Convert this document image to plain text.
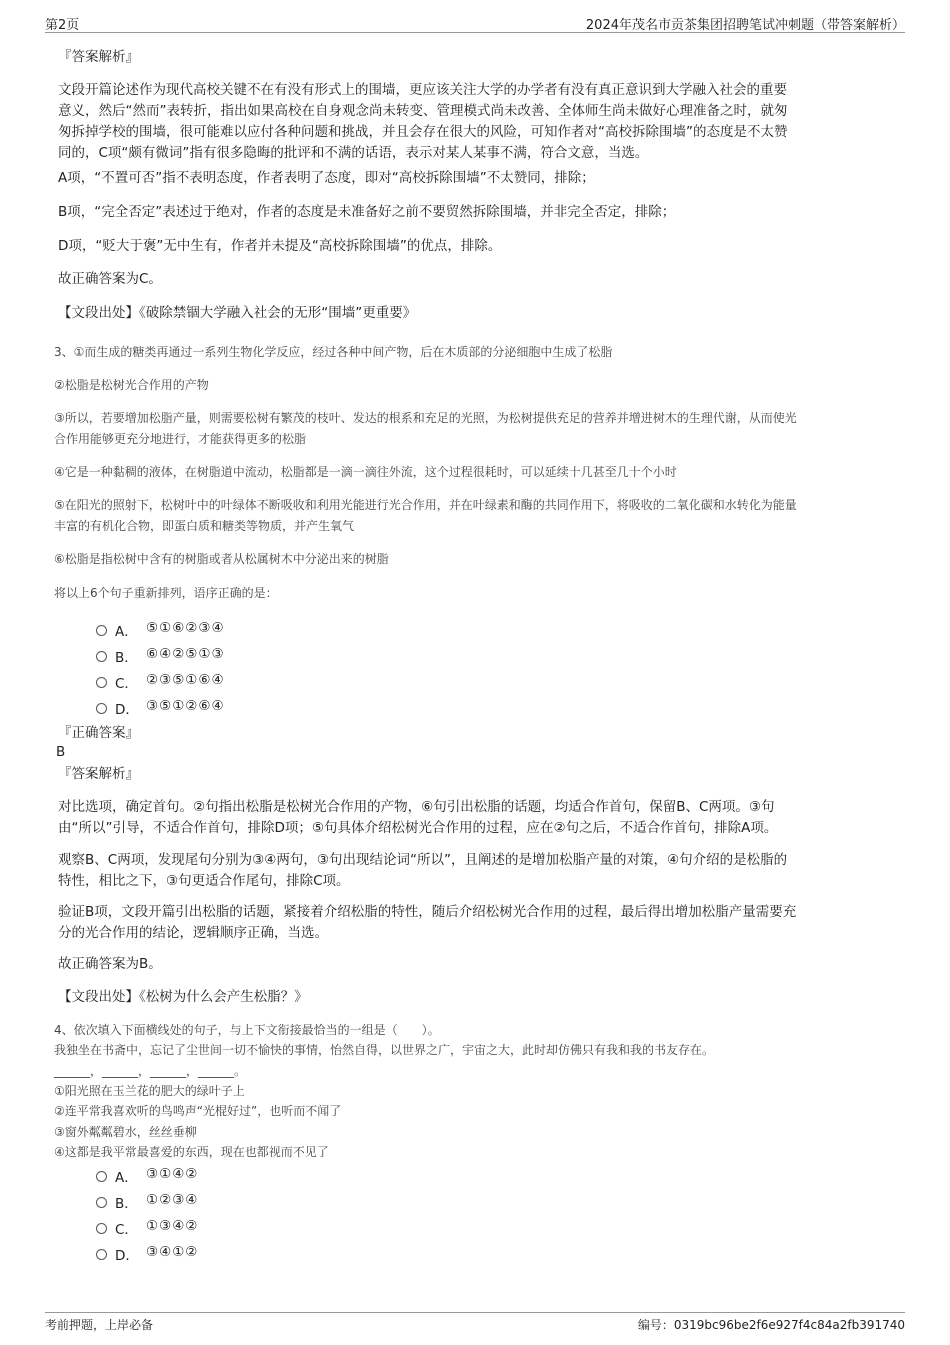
第2页	2024年茂名市贡茶集团招聘笔试冲刺题（带答案解析）
『答案解析』
文段开篇论述作为现代高校关键不在有没有形式上的围墙，更应该关注大学的办学者有没有真正意识到大学融入社会的重要
意义，然后“然而”表转折，指出如果高校在自身观念尚未转变、管理模式尚未改善、全体师生尚未做好心理准备之时，就匆
匆拆掉学校的围墙，很可能难以应付各种问题和挑战，并且会存在很大的风险，可知作者对“高校拆除围墙”的态度是不太赞
同的，C项“颇有微词”指有很多隐晦的批评和不满的话语，表示对某人某事不满，符合文意，当选。
A项，“不置可否”指不表明态度，作者表明了态度，即对“高校拆除围墙”不太赞同，排除；
B项，“完全否定”表述过于绝对，作者的态度是未准备好之前不要贸然拆除围墙，并非完全否定，排除；
D项，“贬大于褒”无中生有，作者并未提及“高校拆除围墙”的优点，排除。
故正确答案为C。
【文段出处】《破除禁锢大学融入社会的无形“围墙”更重要》
3、①而生成的糖类再通过一系列生物化学反应，经过各种中间产物，后在木质部的分泌细胞中生成了松脂
②松脂是松树光合作用的产物
③所以，若要增加松脂产量，则需要松树有繁茂的枝叶、发达的根系和充足的光照，为松树提供充足的营养并增进树木的生理代谢，从而使光
合作用能够更充分地进行，才能获得更多的松脂
④它是一种黏稠的液体，在树脂道中流动，松脂都是一滴一滴往外流，这个过程很耗时，可以延续十几甚至几十个小时
⑤在阳光的照射下，松树叶中的叶绿体不断吸收和利用光能进行光合作用，并在叶绿素和酶的共同作用下，将吸收的二氧化碳和水转化为能量
丰富的有机化合物，即蛋白质和糖类等物质，并产生氧气
⑥松脂是指松树中含有的树脂或者从松属树木中分泌出来的树脂
将以上6个句子重新排列，语序正确的是：
A． ⑤①⑥②③④
B． ⑥④②⑤①③
C． ②③⑤①⑥④
D． ③⑤①②⑥④
『正确答案』
B
『答案解析』
对比选项，确定首句。②句指出松脂是松树光合作用的产物，⑥句引出松脂的话题，均适合作首句，保留B、C两项。③句
由“所以”引导，不适合作首句，排除D项；⑤句具体介绍松树光合作用的过程，应在②句之后，不适合作首句，排除A项。
观察B、C两项，发现尾句分别为③④两句，③句出现结论词“所以”，且阐述的是增加松脂产量的对策，④句介绍的是松脂的
特性，相比之下，③句更适合作尾句，排除C项。
验证B项，文段开篇引出松脂的话题，紧接着介绍松脂的特性，随后介绍松树光合作用的过程，最后得出增加松脂产量需要充
分的光合作用的结论，逻辑顺序正确，当选。
故正确答案为B。
【文段出处】《松树为什么会产生松脂？》
4、依次填入下面横线处的句子，与上下文衔接最恰当的一组是（　　）。
我独坐在书斋中，忘记了尘世间一切不愉快的事情，怡然自得，以世界之广，宇宙之大，此时却仿佛只有我和我的书友存在。
______，______，______，______。
①阳光照在玉兰花的肥大的绿叶子上
②连平常我喜欢听的鸟鸣声“光棍好过”，也听而不闻了
③窗外粼粼碧水，丝丝垂柳
④这都是我平常最喜爱的东西，现在也都视而不见了
A． ③①④②
B． ①②③④
C． ①③④②
D． ③④①②
考前押题，上岸必备	编号：0319bc96be2f6e927f4c84a2fb391740
